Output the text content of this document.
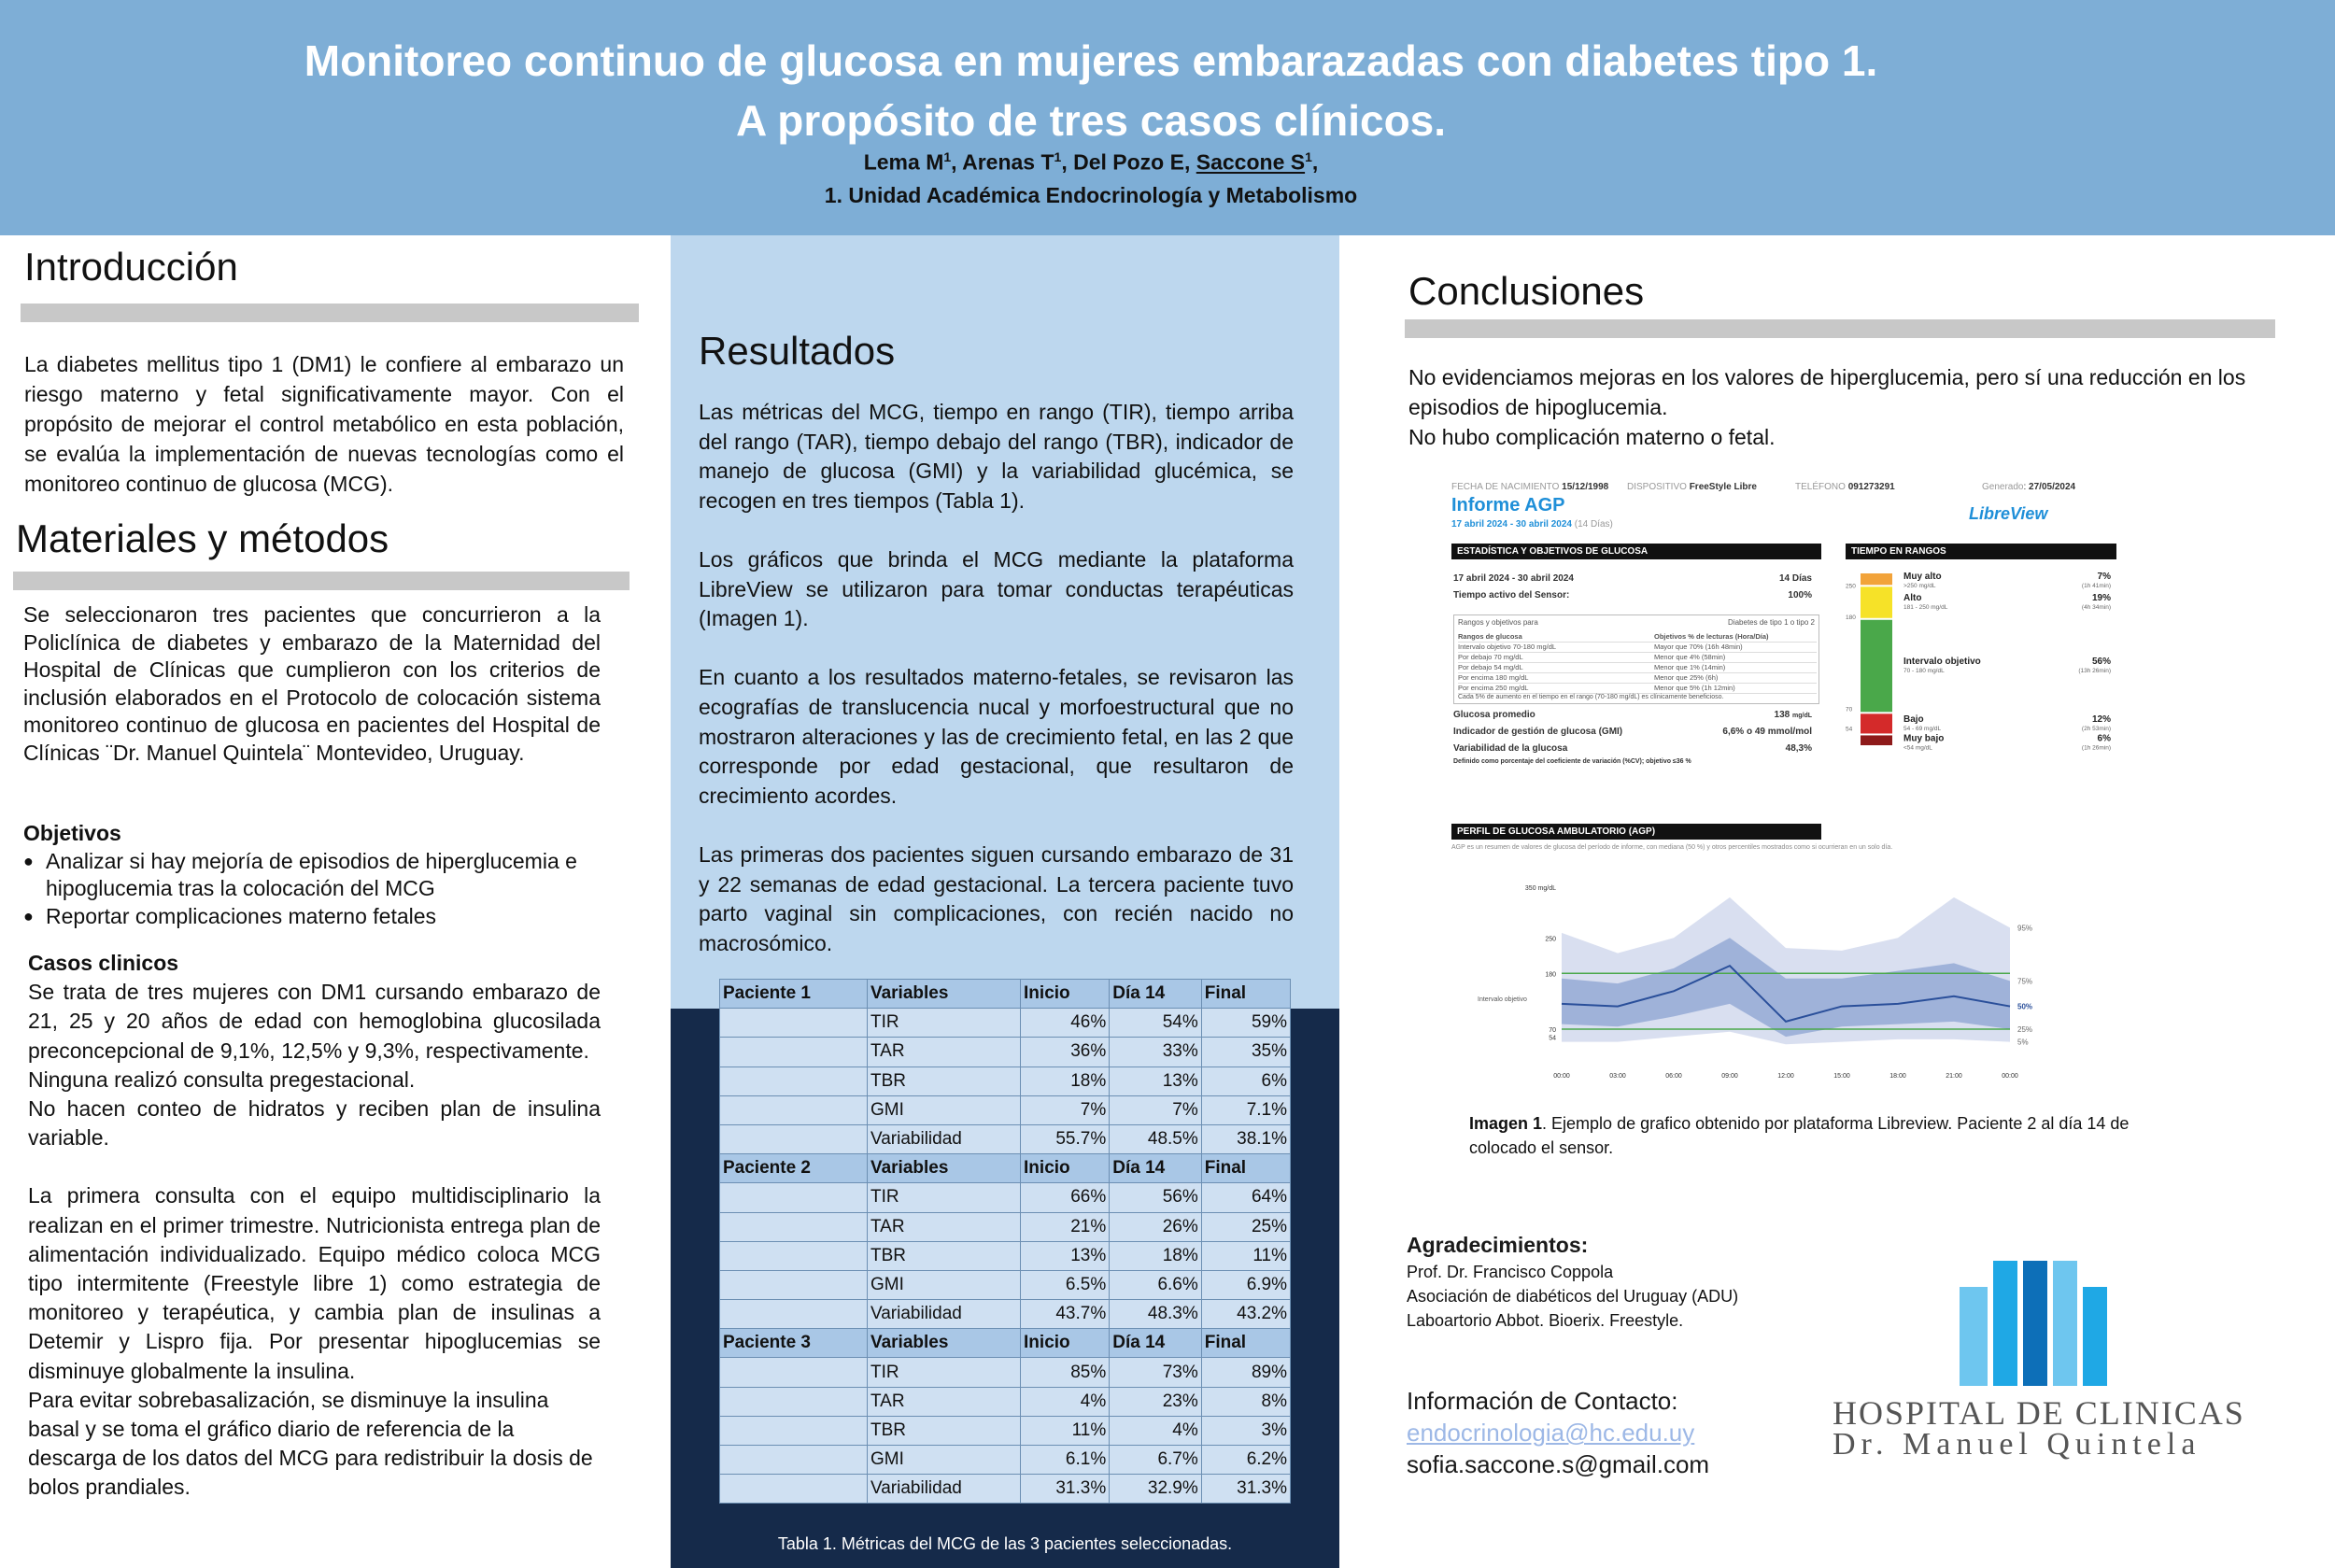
Monitoreo continuo de glucosa en mujeres embarazadas con diabetes tipo 1.
A propósito de tres casos clínicos.
Lema $M^1$, Arenas $T^1$, Del Pozo E, Saccone $S^1$,
1. Unidad Académica Endocrinología y Metabolismo
Introducción
La diabetes mellitus tipo 1 (DM1) le confiere al embarazo un riesgo materno y fetal significativamente mayor. Con el propósito de mejorar el control metabólico en esta población, se evalúa la implementación de nuevas tecnologías como el monitoreo continuo de glucosa (MCG).
Materiales y métodos
Se seleccionaron tres pacientes que concurrieron a la Policlínica de diabetes y embarazo de la Maternidad del Hospital de Clínicas que cumplieron con los criterios de inclusión elaborados en el Protocolo de colocación sistema monitoreo continuo de glucosa en pacientes del Hospital de Clínicas ¨Dr. Manuel Quintela¨ Montevideo, Uruguay.

Objetivos

● Analizar si hay mejoría de episodios de hiperglucemia e hipoglucemia tras la colocación del MCG

● Reportar complicaciones materno fetales

Casos clinicos

Se trata de tres mujeres con DM1 cursando embarazo de 21, 25 y 20 años de edad con hemoglobina glucosilada preconcepcional de 9,1%, 12,5% y 9,3%, respectivamente.

Ninguna realizó consulta pregestacional.

No hacen conteo de hidratos y reciben plan de insulina variable.

La primera consulta con el equipo multidisciplinario la realizan en el primer trimestre. Nutricionista entrega plan de alimentación individualizado. Equipo médico coloca MCG tipo intermitente (Freestyle libre 1) como estrategia de monitoreo y terapéutica, y cambia plan de insulinas a Detemir y Lispro fija. Por presentar hipoglucemias se disminuye globalmente la insulina.

Para evitar sobrebasalización, se disminuye la insulina basal y se toma el gráfico diario de referencia de la descarga de los datos del MCG para redistribuir la dosis de bolos prandiales.

Resultados

Las métricas del MCG, tiempo en rango (TIR), tiempo arriba del rango (TAR), tiempo debajo del rango (TBR), indicador de manejo de glucosa (GMI) y la variabilidad glucémica, se recogen en tres tiempos (Tabla 1).

Los gráficos que brinda el MCG mediante la plataforma LibreView se utilizaron para tomar conductas terapéuticas (Imagen 1).

En cuanto a los resultados materno-fetales, se revisaron las ecografías de translucencia nucal y morfoestructural que no mostraron alteraciones y las de crecimiento fetal, en las 2 que corresponde por edad gestacional, que resultaron de crecimiento acordes.

Las primeras dos pacientes siguen cursando embarazo de 31 y 22 semanas de edad gestacional. La tercera paciente tuvo parto vaginal sin complicaciones, con recién nacido no macrosómico.

Paciente 1	Variables	Inicio	Día 14	Final
	TIR	46%	54%	59%
	TAR	36%	33%	35%
	TBR	18%	13%	6%
	GMI	7%	7%	7.1%
	Variabilidad	55.7%	48.5%	38.1%
Paciente 2	Variables	Inicio	Día 14	Final
	TIR	66%	56%	64%
	TAR	21%	26%	25%
	TBR	13%	18%	11%
	GMI	6.5%	6.6%	6.9%
	Variabilidad	43.7%	48.3%	43.2%
Paciente 3	Variables	Inicio	Día 14	Final
	TIR	85%	73%	89%
	TAR	4%	23%	8%
	TBR	11%	4%	3%
	GMI	6.1%	6.7%	6.2%
	Variabilidad	31.3%	32.9%	31.3%
Tabla 1. Métricas del MCG de las 3 pacientes seleccionadas.
Conclusiones

No evidenciamos mejoras en los valores de hiperglucemia, pero sí una reducción en los episodios de hipoglucemia.

No hubo complicación materno o fetal.

FECHA DE NACIMIENTO 15/12/1998 DISPOSITIVO FreeStyle Libre	TELÉFONO 091273291	Generado: 27/05/2024
Informe AGP	LibreView
17 abril 2024 - 30 abril 2024 (14 Días)
ESTADÍSTICA Y OBJETIVOS DE GLUCOSA	TIEMPO EN RANGOS
17 abril 2024 - 30 abril 2024	14 Días
Tiempo activo del Sensor:	100%
Rangos y objetivos para	Diabetes de tipo 1 o tipo 2
Rangos de glucosa	Objetivos % de lecturas (Hora/Día)
Intervalo objetivo 70-180 mg/dL	Mayor que 70% (16h 48min)
Por debajo 70 mg/dL	Menor que 4% (58min)
Por debajo 54 mg/dL	Menor que 1% (14min)
Por encima 180 mg/dL	Menor que 25% (6h)
Por encima 250 mg/dL	Menor que 5% (1h 12min)
Cada 5% de aumento en el tiempo en el rango (70-180 mg/dL) es clínicamente beneficioso.
Glucosa promedio	138 mg/dL
Indicador de gestión de glucosa (GMI)	6,6% o 49 mmol/mol
Variabilidad de la glucosa	48,3%
Definido como porcentaje del coeficiente de variación (%CV); objetivo ≤36 %
Muy alto
>250 mg/dL
7%
(1h 41min)
Alto
181 - 250 mg/dL
19%
(4h 34min)
Intervalo objetivo
70 - 180 mg/dL
56%
(13h 26min)
Bajo
54 - 69 mg/dL
12%
(2h 53min)
Muy bajo
<54 mg/dL
6%
(1h 26min)
250
180
70
54
PERFIL DE GLUCOSA AMBULATORIO (AGP)
AGP es un resumen de valores de glucosa del período de informe, con mediana (50 %) y otros percentiles mostrados como si ocurrieran en un solo día.
350 mg/dL
250
180
70
54
00:00	03:00	06:00	09:00	12:00	15:00	18:00	21:00	00:00
Intervalo objetivo
95%
75%
50%
25%
5%
Imagen 1. Ejemplo de grafico obtenido por plataforma Libreview. Paciente 2 al día 14 de colocado el sensor.
Agradecimientos:
Prof. Dr. Francisco Coppola
Asociación de diabéticos del Uruguay (ADU)
Laboartorio Abbot. Bioerix. Freestyle.
Información de Contacto:
endocrinologia@hc.edu.uy
sofia.saccone.s@gmail.com
HOSPITAL DE CLINICAS
Dr. Manuel Quintela
